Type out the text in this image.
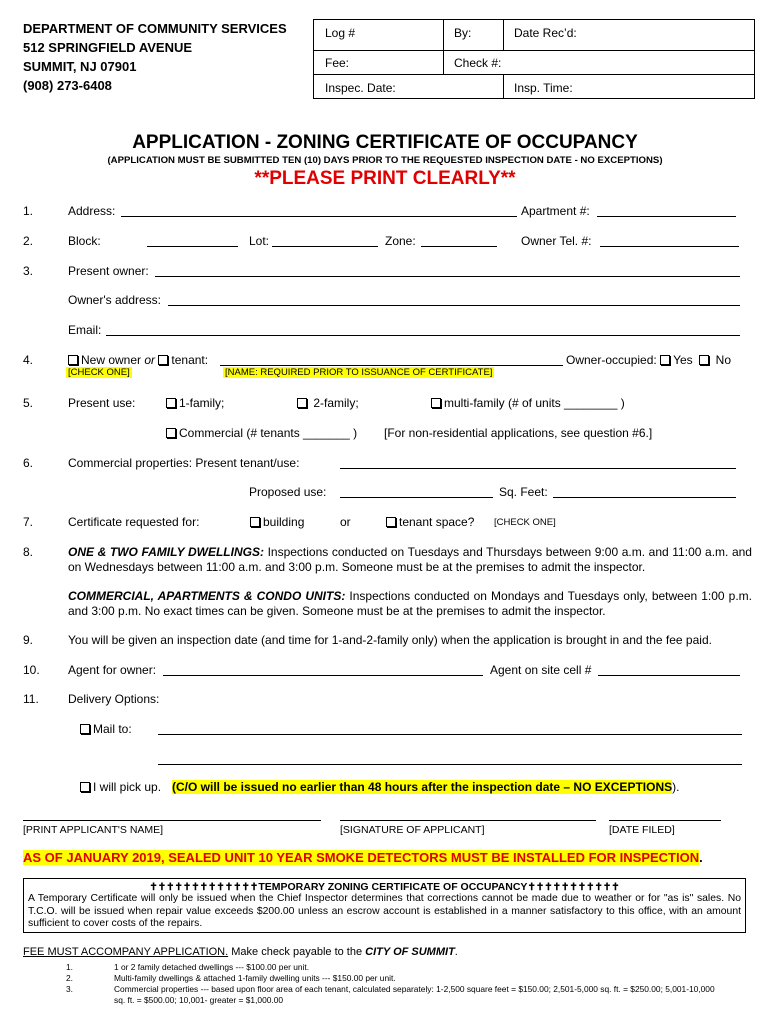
DEPARTMENT OF COMMUNITY SERVICES
512 SPRINGFIELD AVENUE
SUMMIT, NJ 07901
(908) 273-6408
Log #	By:	Date Rec’d:
Fee:	Check #:
Inspec. Date:	Insp. Time:
APPLICATION - ZONING CERTIFICATE OF OCCUPANCY
(APPLICATION MUST BE SUBMITTED TEN (10) DAYS PRIOR TO THE REQUESTED INSPECTION DATE - NO EXCEPTIONS)
**PLEASE PRINT CLEARLY**
1.	Address:	Apartment #:
2.	Block:	Lot:	Zone:	Owner Tel. #:
3.	Present owner:
Owner's address:
Email:
4.	New owner or tenant:	Owner-occupied: Yes No
[CHECK ONE]	[NAME: REQUIRED PRIOR TO ISSUANCE OF CERTIFICATE]
5.	Present use:	1-family;	2-family;	multi-family (# of units ________ )
Commercial (# tenants _______ ) [For non-residential applications, see question #6.]
6.	Commercial properties: Present tenant/use:
Proposed use:	Sq. Feet:
7.	Certificate requested for:	building	or	tenant space? [CHECK ONE]
8.	ONE & TWO FAMILY DWELLINGS: Inspections conducted on Tuesdays and Thursdays between 9:00 a.m. and 11:00 a.m. and on Wednesdays between 11:00 a.m. and 3:00 p.m. Someone must be at the premises to admit the inspector.

COMMERCIAL, APARTMENTS & CONDO UNITS: Inspections conducted on Mondays and Tuesdays only, between 1:00 p.m. and 3:00 p.m. No exact times can be given. Someone must be at the premises to admit the inspector.

9.	You will be given an inspection date (and time for 1-and-2-family only) when the application is brought in and the fee paid.
10. Agent for owner:	Agent on site cell #
11. Delivery Options:
Mail to:
I will pick up. (C/O will be issued no earlier than 48 hours after the inspection date – NO EXCEPTIONS).
[PRINT APPLICANT'S NAME]	[SIGNATURE OF APPLICANT]	[DATE FILED]
AS OF JANUARY 2019, SEALED UNIT 10 YEAR SMOKE DETECTORS MUST BE INSTALLED FOR INSPECTION.
✝✝✝✝✝✝✝✝✝✝✝✝✝TEMPORARY ZONING CERTIFICATE OF OCCUPANCY✝✝✝✝✝✝✝✝✝✝✝
A Temporary Certificate will only be issued when the Chief Inspector determines that corrections cannot be made due to weather or for "as is" sales. No T.C.O. will be issued when repair value exceeds $200.00 unless an escrow account is established in a manner satisfactory to this office, with an amount sufficient to cover costs of the repairs.
FEE MUST ACCOMPANY APPLICATION. Make check payable to the CITY OF SUMMIT.
1.	1 or 2 family detached dwellings --- $100.00 per unit.
2.	Multi-family dwellings & attached 1-family dwelling units --- $150.00 per unit.
3.	Commercial properties --- based upon floor area of each tenant, calculated separately: 1-2,500 square feet = $150.00; 2,501-5,000 sq. ft. = $250.00; 5,001-10,000
sq. ft. = $500.00; 10,001- greater = $1,000.00
